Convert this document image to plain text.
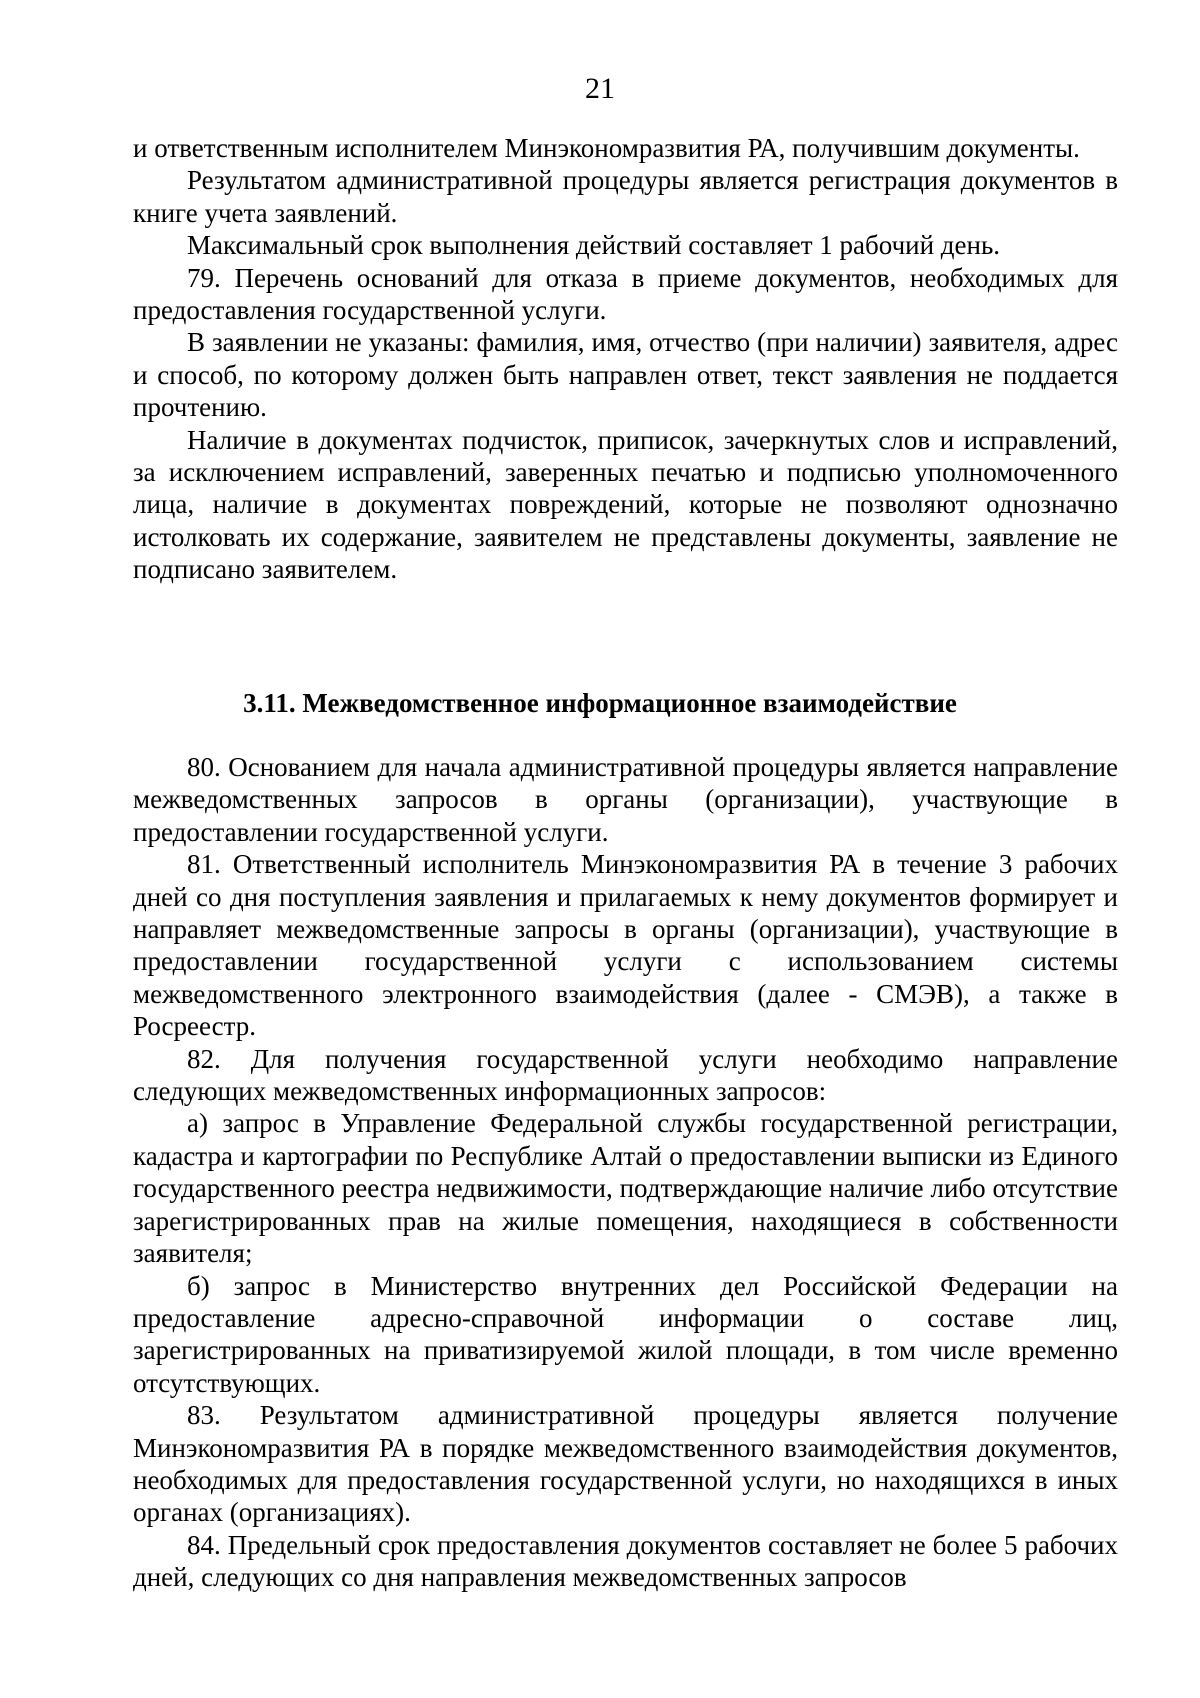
21

и ответственным исполнителем Минэкономразвития РА, получившим документы.

Результатом административной процедуры является регистрация документов в книге учета заявлений.

Максимальный срок выполнения действий составляет 1 рабочий день.

79. Перечень оснований для отказа в приеме документов, необходимых для предоставления государственной услуги.

В заявлении не указаны: фамилия, имя, отчество (при наличии) заявителя, адрес и способ, по которому должен быть направлен ответ, текст заявления не поддается прочтению.

Наличие в документах подчисток, приписок, зачеркнутых слов и исправлений, за исключением исправлений, заверенных печатью и подписью уполномоченного лица, наличие в документах повреждений, которые не позволяют однозначно истолковать их содержание, заявителем не представлены документы, заявление не подписано заявителем.

3.11. Межведомственное информационное взаимодействие

80. Основанием для начала административной процедуры является направление межведомственных запросов в органы (организации), участвующие в предоставлении государственной услуги.

81. Ответственный исполнитель Минэкономразвития РА в течение 3 рабочих дней со дня поступления заявления и прилагаемых к нему документов формирует и направляет межведомственные запросы в органы (организации), участвующие в предоставлении государственной услуги с использованием системы межведомственного электронного взаимодействия (далее - СМЭВ), а также в Росреестр.

82. Для получения государственной услуги необходимо направление следующих межведомственных информационных запросов:

а) запрос в Управление Федеральной службы государственной регистрации, кадастра и картографии по Республике Алтай о предоставлении выписки из Единого государственного реестра недвижимости, подтверждающие наличие либо отсутствие зарегистрированных прав на жилые помещения, находящиеся в собственности заявителя;

б) запрос в Министерство внутренних дел Российской Федерации на предоставление адресно-справочной информации о составе лиц, зарегистрированных на приватизируемой жилой площади, в том числе временно отсутствующих.

83. Результатом административной процедуры является получение Минэкономразвития РА в порядке межведомственного взаимодействия документов, необходимых для предоставления государственной услуги, но находящихся в иных органах (организациях).

84. Предельный срок предоставления документов составляет не более 5 рабочих дней, следующих со дня направления межведомственных запросов
